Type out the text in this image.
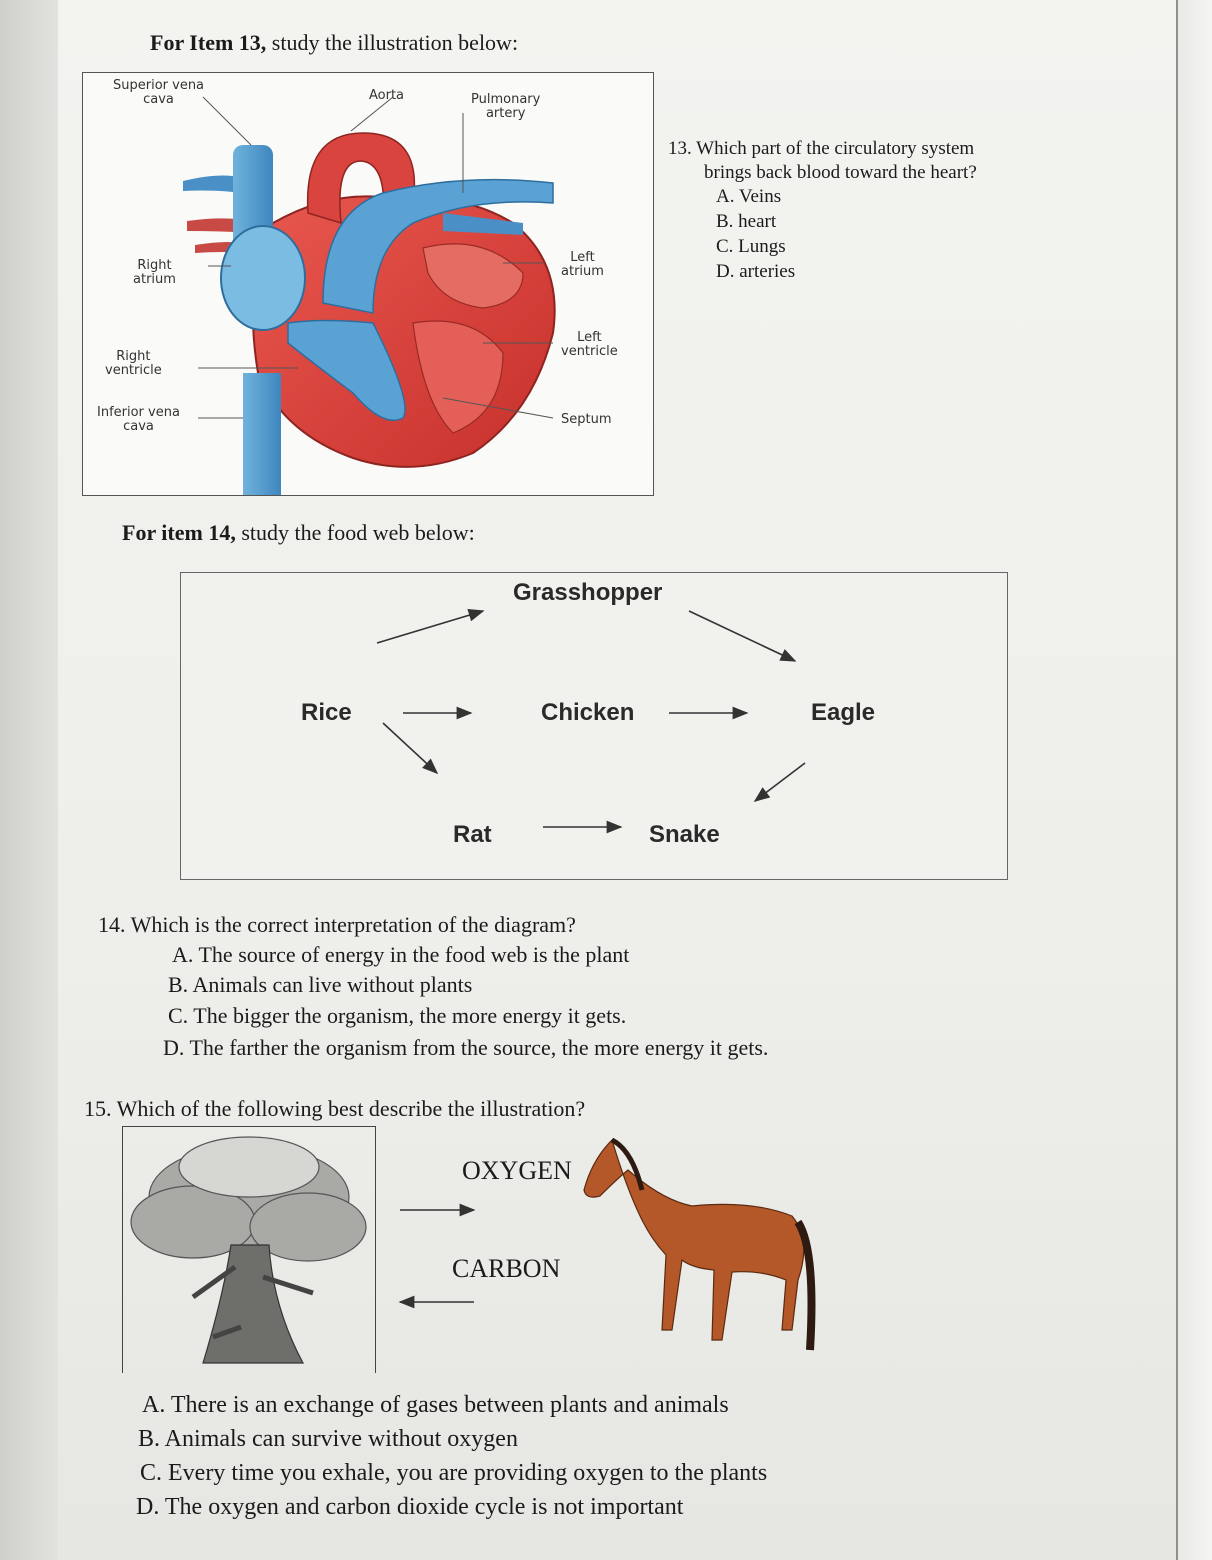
For Item 13, study the illustration below:
Superior vena
cava	Aorta	Pulmonary
artery
Right
atrium
Left
atrium
Left
ventricle
Right
ventricle
Inferior vena
cava	Septum
13. Which part of the circulatory system
brings back blood toward the heart?
A. Veins
B. heart
C. Lungs
D. arteries
For item 14, study the food web below:
Grasshopper
Rice	Chicken	Eagle
Rat	Snake
14. Which is the correct interpretation of the diagram?
A. The source of energy in the food web is the plant
B. Animals can live without plants
C. The bigger the organism, the more energy it gets.
D. The farther the organism from the source, the more energy it gets.
15. Which of the following best describe the illustration?
OXYGEN
CARBON
A. There is an exchange of gases between plants and animals
B. Animals can survive without oxygen
C. Every time you exhale, you are providing oxygen to the plants
D. The oxygen and carbon dioxide cycle is not important
